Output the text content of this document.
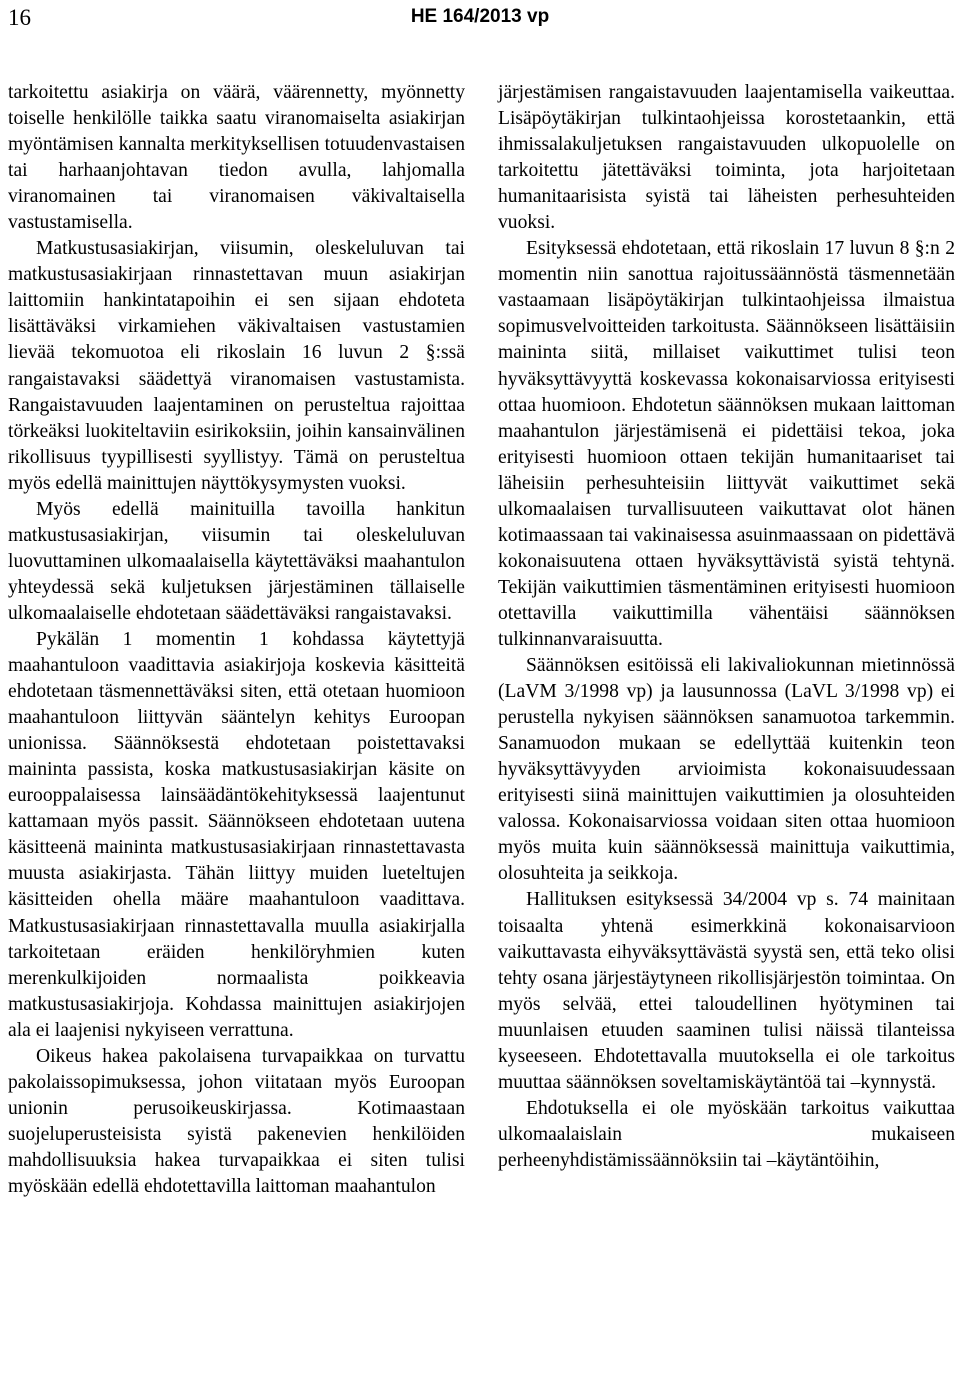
16	HE 164/2013 vp

tarkoitettu asiakirja on väärä, väärennetty, myönnetty toiselle henkilölle taikka saatu viranomaiselta asiakirjan myöntämisen kannalta merkityksellisen totuudenvastaisen tai harhaanjohtavan tiedon avulla, lahjomalla viranomainen tai viranomaisen väkivaltaisella vastustamisella.

Matkustusasiakirjan, viisumin, oleskeluluvan tai matkustusasiakirjaan rinnastettavan muun asiakirjan laittomiin hankintatapoihin ei sen sijaan ehdoteta lisättäväksi virkamiehen väkivaltaisen vastustamien lievää tekomuotoa eli rikoslain 16 luvun 2 §:ssä rangaistavaksi säädettyä viranomaisen vastustamista. Rangaistavuuden laajentaminen on perusteltua rajoittaa törkeäksi luokiteltaviin esirikoksiin, joihin kansainvälinen rikollisuus tyypillisesti syyllistyy. Tämä on perusteltua myös edellä mainittujen näyttökysymysten vuoksi.

Myös edellä mainituilla tavoilla hankitun matkustusasiakirjan, viisumin tai oleskeluluvan luovuttaminen ulkomaalaisella käytettäväksi maahantulon yhteydessä sekä kuljetuksen järjestäminen tällaiselle ulkomaalaiselle ehdotetaan säädettäväksi rangaistavaksi.

Pykälän 1 momentin 1 kohdassa käytettyjä maahantuloon vaadittavia asiakirjoja koskevia käsitteitä ehdotetaan täsmennettäväksi siten, että otetaan huomioon maahantuloon liittyvän sääntelyn kehitys Euroopan unionissa. Säännöksestä ehdotetaan poistettavaksi maininta passista, koska matkustusasiakirjan käsite on eurooppalaisessa lainsäädäntökehityksessä laajentunut kattamaan myös passit. Säännökseen ehdotetaan uutena käsitteenä maininta matkustusasiakirjaan rinnastettavasta muusta asiakirjasta. Tähän liittyy muiden lueteltujen käsitteiden ohella määre maahantuloon vaadittava. Matkustusasiakirjaan rinnastettavalla muulla asiakirjalla tarkoitetaan eräiden henkilöryhmien kuten merenkulkijoiden normaalista poikkeavia matkustusasiakirjoja. Kohdassa mainittujen asiakirjojen ala ei laajenisi nykyiseen verrattuna.

Oikeus hakea pakolaisena turvapaikkaa on turvattu pakolaissopimuksessa, johon viitataan myös Euroopan unionin perusoikeuskirjassa. Kotimaastaan suojeluperusteisista syistä pakenevien henkilöiden mahdollisuuksia hakea turvapaikkaa ei siten tulisi myöskään edellä ehdotettavilla laittoman maahantulon

järjestämisen rangaistavuuden laajentamisella vaikeuttaa. Lisäpöytäkirjan tulkintaohjeissa korostetaankin, että ihmissalakuljetuksen rangaistavuuden ulkopuolelle on tarkoitettu jätettäväksi toiminta, jota harjoitetaan humanitaarisista syistä tai läheisten perhesuhteiden vuoksi.

Esityksessä ehdotetaan, että rikoslain 17 luvun 8 §:n 2 momentin niin sanottua rajoitussäännöstä täsmennetään vastaamaan lisäpöytäkirjan tulkintaohjeissa ilmaistua sopimusvelvoitteiden tarkoitusta. Säännökseen lisättäisiin maininta siitä, millaiset vaikuttimet tulisi teon hyväksyttävyyttä koskevassa kokonaisarviossa erityisesti ottaa huomioon. Ehdotetun säännöksen mukaan laittoman maahantulon järjestämisenä ei pidettäisi tekoa, joka erityisesti huomioon ottaen tekijän humanitaariset tai läheisiin perhesuhteisiin liittyvät vaikuttimet sekä ulkomaalaisen turvallisuuteen vaikuttavat olot hänen kotimaassaan tai vakinaisessa asuinmaassaan on pidettävä kokonaisuutena ottaen hyväksyttävistä syistä tehtynä. Tekijän vaikuttimien täsmentäminen erityisesti huomioon otettavilla vaikuttimilla vähentäisi säännöksen tulkinnanvaraisuutta.

Säännöksen esitöissä eli lakivaliokunnan mietinnössä (LaVM 3/1998 vp) ja lausunnossa (LaVL 3/1998 vp) ei perustella nykyisen säännöksen sanamuotoa tarkemmin. Sanamuodon mukaan se edellyttää kuitenkin teon hyväksyttävyyden arvioimista kokonaisuudessaan erityisesti siinä mainittujen vaikuttimien ja olosuhteiden valossa. Kokonaisarviossa voidaan siten ottaa huomioon myös muita kuin säännöksessä mainittuja vaikuttimia, olosuhteita ja seikkoja.

Hallituksen esityksessä 34/2004 vp s. 74 mainitaan toisaalta yhtenä esimerkkinä kokonaisarvioon vaikuttavasta eihyväksyttävästä syystä sen, että teko olisi tehty osana järjestäytyneen rikollisjärjestön toimintaa. On myös selvää, ettei taloudellinen hyötyminen tai muunlaisen etuuden saaminen tulisi näissä tilanteissa kyseeseen. Ehdotettavalla muutoksella ei ole tarkoitus muuttaa säännöksen soveltamiskäytäntöä tai –kynnystä.

Ehdotuksella ei ole myöskään tarkoitus vaikuttaa ulkomaalaislain mukaiseen perheenyhdistämissäännöksiin tai –käytäntöihin,
